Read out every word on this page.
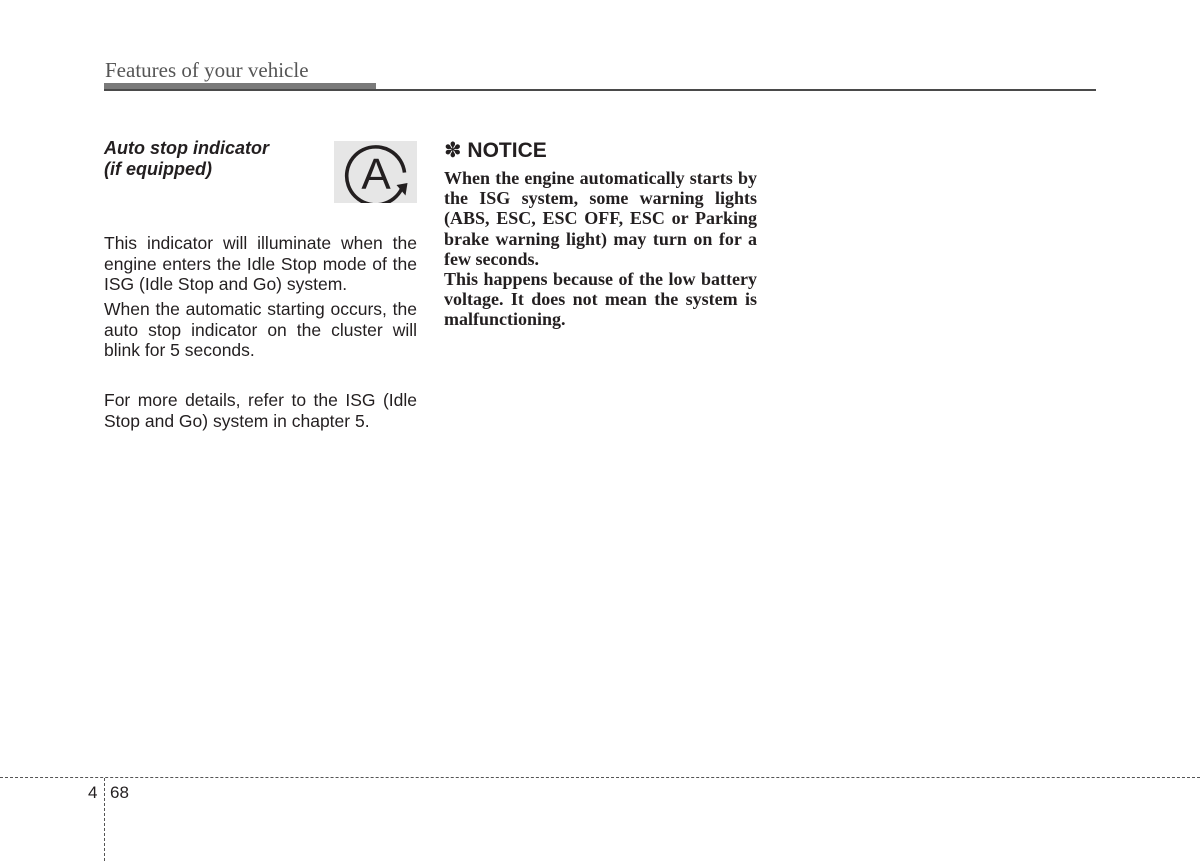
Features of your vehicle
Auto stop indicator
(if equipped)	A
This indicator will illuminate when the engine enters the Idle Stop mode of the ISG (Idle Stop and Go) system.
When the automatic starting occurs, the auto stop indicator on the cluster will blink for 5 seconds.
For more details, refer to the ISG (Idle Stop and Go) system in chapter 5.
✽ NOTICE

When the engine automatically starts by the ISG system, some warning lights (ABS, ESC, ESC OFF, ESC or Parking brake warning light) may turn on for a few seconds.

This happens because of the low battery voltage. It does not mean the system is malfunctioning.

4 68
